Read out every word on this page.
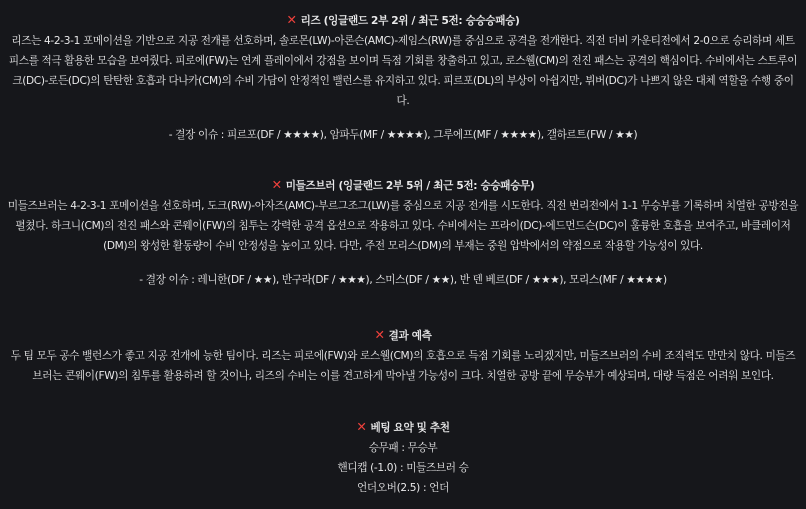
✕ 리즈 (잉글랜드 2부 2위 / 최근 5전: 승승승패승)

리즈는 4-2-3-1 포메이션을 기반으로 지공 전개를 선호하며, 솔로몬(LW)-아론슨(AMC)-제임스(RW)를 중심으로 공격을 전개한다. 직전 더비 카운티전에서 2-0으로 승리하며 세트피스를 적극 활용한 모습을 보여줬다. 피로에(FW)는 연계 플레이에서 강점을 보이며 득점 기회를 창출하고 있고, 로스웰(CM)의 전진 패스는 공격의 핵심이다. 수비에서는 스트루이크(DC)-로든(DC)의 탄탄한 호흡과 다나카(CM)의 수비 가담이 안정적인 밸런스를 유지하고 있다. 피르포(DL)의 부상이 아쉽지만, 뷔버(DC)가 나쁘지 않은 대체 역할을 수행 중이다.

- 결장 이슈 : 피르포(DF / ★★★★), 암파두(MF / ★★★★), 그루에프(MF / ★★★★), 갤하르트(FW / ★★)
✕ 미들즈브러 (잉글랜드 2부 5위 / 최근 5전: 승승패승무)

미들즈브러는 4-2-3-1 포메이션을 선호하며, 도크(RW)-아자즈(AMC)-부르그조그(LW)를 중심으로 지공 전개를 시도한다. 직전 번리전에서 1-1 무승부를 기록하며 치열한 공방전을 펼쳤다. 하크니(CM)의 전진 패스와 콘웨이(FW)의 침투는 강력한 공격 옵션으로 작용하고 있다. 수비에서는 프라이(DC)-에드먼드슨(DC)이 훌륭한 호흡을 보여주고, 바클레이저(DM)의 왕성한 활동량이 수비 안정성을 높이고 있다. 다만, 주전 모리스(DM)의 부재는 중원 압박에서의 약점으로 작용할 가능성이 있다.

- 결장 이슈 : 레니한(DF / ★★), 반구라(DF / ★★★), 스미스(DF / ★★), 반 덴 베르(DF / ★★★), 모리스(MF / ★★★★)
✕ 결과 예측

두 팀 모두 공수 밸런스가 좋고 지공 전개에 능한 팀이다. 리즈는 피로에(FW)와 로스웰(CM)의 호흡으로 득점 기회를 노리겠지만, 미들즈브러의 수비 조직력도 만만치 않다. 미들즈브러는 콘웨이(FW)의 침투를 활용하려 할 것이나, 리즈의 수비는 이를 견고하게 막아낼 가능성이 크다. 치열한 공방 끝에 무승부가 예상되며, 대량 득점은 어려워 보인다.

✕ 베팅 요약 및 추천
승무패 : 무승부
핸디캡 (-1.0) : 미들즈브러 승
언더오버(2.5) : 언더
